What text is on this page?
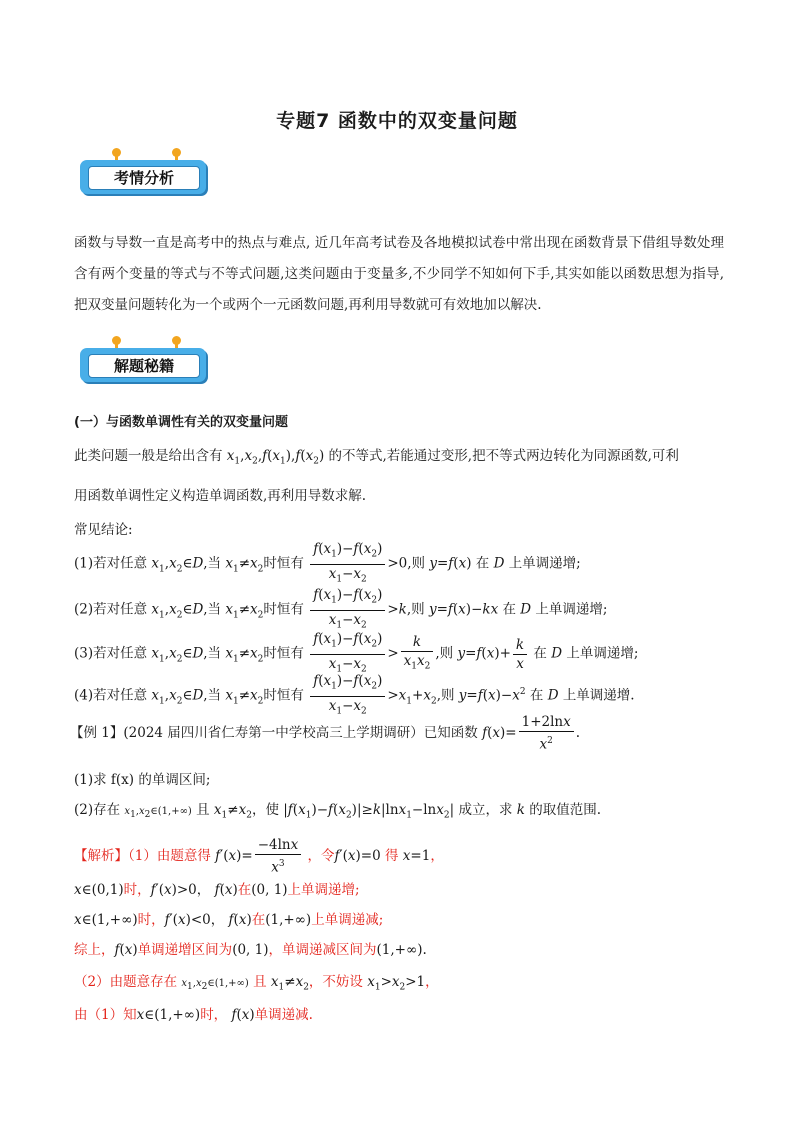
专题7 函数中的双变量问题
考情分析
函数与导数一直是高考中的热点与难点, 近几年高考试卷及各地模拟试卷中常出现在函数背景下借组导数处理含有两个变量的等式与不等式问题,这类问题由于变量多,不少同学不知如何下手,其实如能以函数思想为指导,把双变量问题转化为一个或两个一元函数问题,再利用导数就可有效地加以解决.
解题秘籍
(一）与函数单调性有关的双变量问题
此类问题一般是给出含有 $x_1,x_2,f(x_1),f(x_2)$ 的不等式,若能通过变形,把不等式两边转化为同源函数,可利
用函数单调性定义构造单调函数,再利用导数求解.
常见结论:
(1)若对任意 $x_1,x_2\in D$,当 $x_1\ne x_2$时恒有 $\frac{f(x_1)-f(x_2)}{x_1-x_2} >0$,则 y=f(x) 在 D 上单调递增;
(2)若对任意 $x_1,x_2\in D$,当 $x_1\ne x_2$时恒有 $\frac{f(x_1)-f(x_2)}{x_1-x_2} >k$,则 y=f(x)−kx 在 D 上单调递增;
(3)若对任意 $x_1,x_2\in D$,当 $x_1\ne x_2$时恒有 $\frac{f(x_1)-f(x_2)}{x_1-x_2} > \frac{k}{x_1x_2}$ ,则 $y=f(x)+ \frac{k}{x}$ 在 D 上单调递增;
(4)若对任意 $x_1,x_2\in D$,当 $x_1\ne x_2$时恒有 $\frac{f(x_1)-f(x_2)}{x_1-x_2} >x_1+x_2$,则 $y=f(x)-x^2$ 在 D 上单调递增.
【例 1】(2024 届四川省仁寿第一中学校高三上学期调研）已知函数 $f(x)= \frac{1+2\ln x}{x^2}$ .
(1)求 f(x) 的单调区间;
(2)存在 $x_1,x_2\in(1,+\infty)$ 且 $x_1\ne x_2$，使 $|f(x_1)-f(x_2)|\ge k|\ln x_1-\ln x_2|$ 成立，求 k 的取值范围.
【解析】（1）由题意得 $f'(x)= \frac{-4\ln x}{x^3}$ ，令f′(x)=0 得 x=1，
x∈(0,1)时，f′(x)>0， f(x)在(0, 1)上单调递增;
x∈(1,+∞)时，f′(x)<0， f(x)在(1,+∞)上单调递减;
综上，f(x)单调递增区间为(0, 1)，单调递减区间为(1,+∞).
（2）由题意存在 $x_1,x_2\in(1,+\infty)$ 且 $x_1\ne x_2$，不妨设 $x_1>x_2>1$，
由（1）知x∈(1,+∞)时， f(x)单调递减.
